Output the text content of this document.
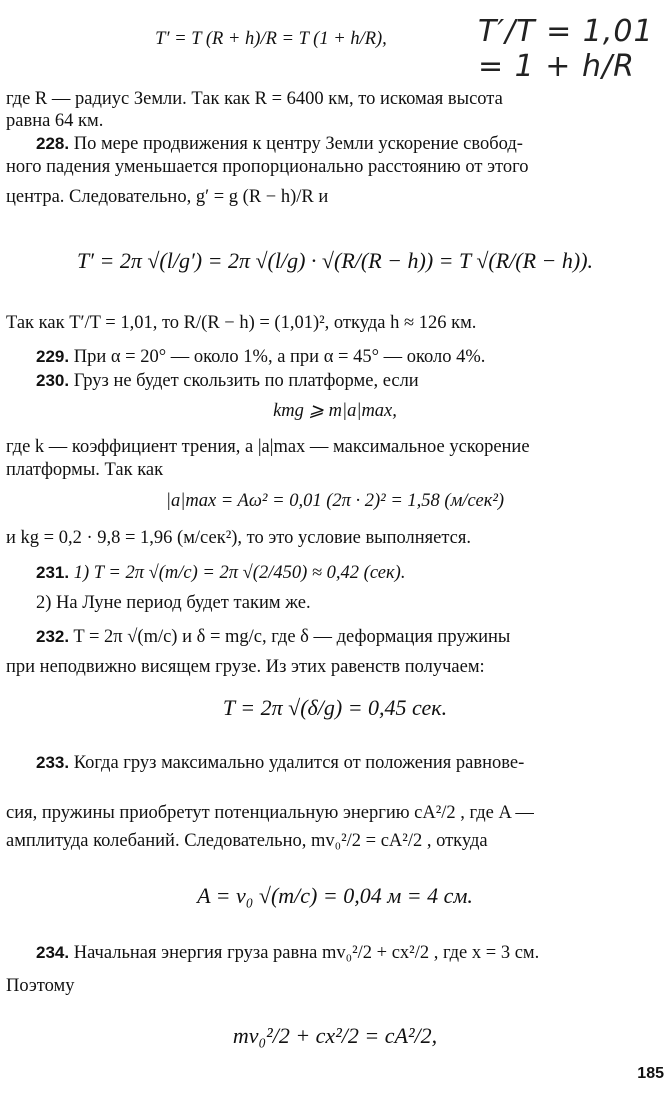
T′ = T (R + h)/R = T (1 + h/R),	T′/T = 1,01 = 1 + h/R
где R — радиус Земли. Так как R = 6400 км, то искомая высота
равна 64 км.
228. По мере продвижения к центру Земли ускорение свобод-
ного падения уменьшается пропорционально расстоянию от этого
центра. Следовательно, g′ = g (R − h)/R и
T′ = 2π √(l/g′) = 2π √(l/g) · √(R/(R − h)) = T √(R/(R − h)).
Так как T′/T = 1,01, то R/(R − h) = (1,01)², откуда h ≈ 126 км.
229. При α = 20° — около 1%, а при α = 45° — около 4%.
230. Груз не будет скользить по платформе, если
kmg ⩾ m|a|max,
где k — коэффициент трения, а |a|max — максимальное ускорение
платформы. Так как
|a|max = Aω² = 0,01 (2π · 2)² = 1,58 (м/сек²)
и kg = 0,2 · 9,8 = 1,96 (м/сек²), то это условие выполняется.
231. 1) T = 2π √(m/c) = 2π √(2/450) ≈ 0,42 (сек).
2) На Луне период будет таким же.
232. T = 2π √(m/c) и δ = mg/c, где δ — деформация пружины
при неподвижно висящем грузе. Из этих равенств получаем:
T = 2π √(δ/g) = 0,45 сек.
233. Когда груз максимально удалится от положения равнове-
сия, пружины приобретут потенциальную энергию cA²/2 , где A —
амплитуда колебаний. Следовательно, mv₀²/2 = cA²/2 , откуда
A = v₀ √(m/c) = 0,04 м = 4 см.
234. Начальная энергия груза равна mv₀²/2 + cx²/2 , где x = 3 см.
Поэтому
mv₀²/2 + cx²/2 = cA²/2,
185
